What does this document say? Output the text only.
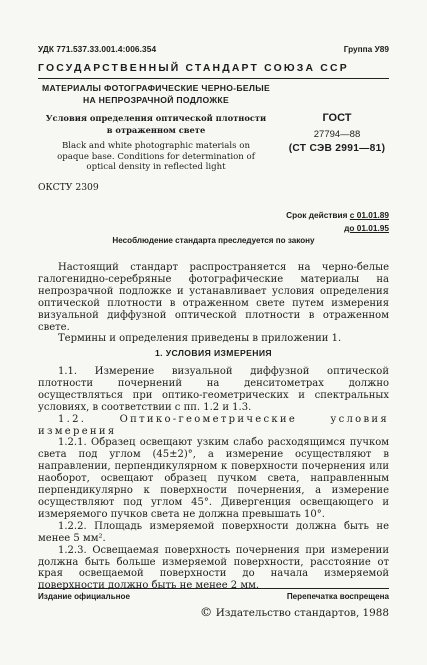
УДК 771.537.33.001.4:006.354	Группа У89
ГОСУДАРСТВЕННЫЙ СТАНДАРТ СОЮЗА ССР
МАТЕРИАЛЫ ФОТОГРАФИЧЕСКИЕ ЧЕРНО-БЕЛЫЕ
НА НЕПРОЗРАЧНОЙ ПОДЛОЖКЕ
Условия определения оптической плотности
в отраженном свете
Black and white photographic materials on
opaque base. Conditions for determination of
optical density in reflected light
ГОСТ
27794—88
(СТ СЭВ 2991—81)
ОКСТУ 2309
Срок действия с 01.01.89
до 01.01.95
Несоблюдение стандарта преследуется по закону

Настоящий стандарт распространяется на черно-белые галогенидно-серебряные фотографические материалы на непрозрачной подложке и устанавливает условия определения оптической плотности в отраженном свете путем измерения визуальной диффузной оптической плотности в отраженном свете.

Термины и определения приведены в приложении 1.

1. УСЛОВИЯ ИЗМЕРЕНИЯ

1.1. Измерение визуальной диффузной оптической плотности почернений на денситометрах должно осуществляться при оптико-геометрических и спектральных условиях, в соответствии с пп. 1.2 и 1.3.

1.2. Оптико-геометрические условия измерения

1.2.1. Образец освещают узким слабо расходящимся пучком света под углом (45±2)°, а измерение осуществляют в направлении, перпендикулярном к поверхности почернения или наоборот, освещают образец пучком света, направленным перпендикулярно к поверхности почернения, а измерение осуществляют под углом 45°. Дивергенция освещающего и измеряемого пучков света не должна превышать 10°.

1.2.2. Площадь измеряемой поверхности должна быть не менее 5 мм².

1.2.3. Освещаемая поверхность почернения при измерении должна быть больше измеряемой поверхности, расстояние от края освещаемой поверхности до начала измеряемой поверхности должно быть не менее 2 мм.

Издание официальное	Перепечатка воспрещена
© Издательство стандартов, 1988
